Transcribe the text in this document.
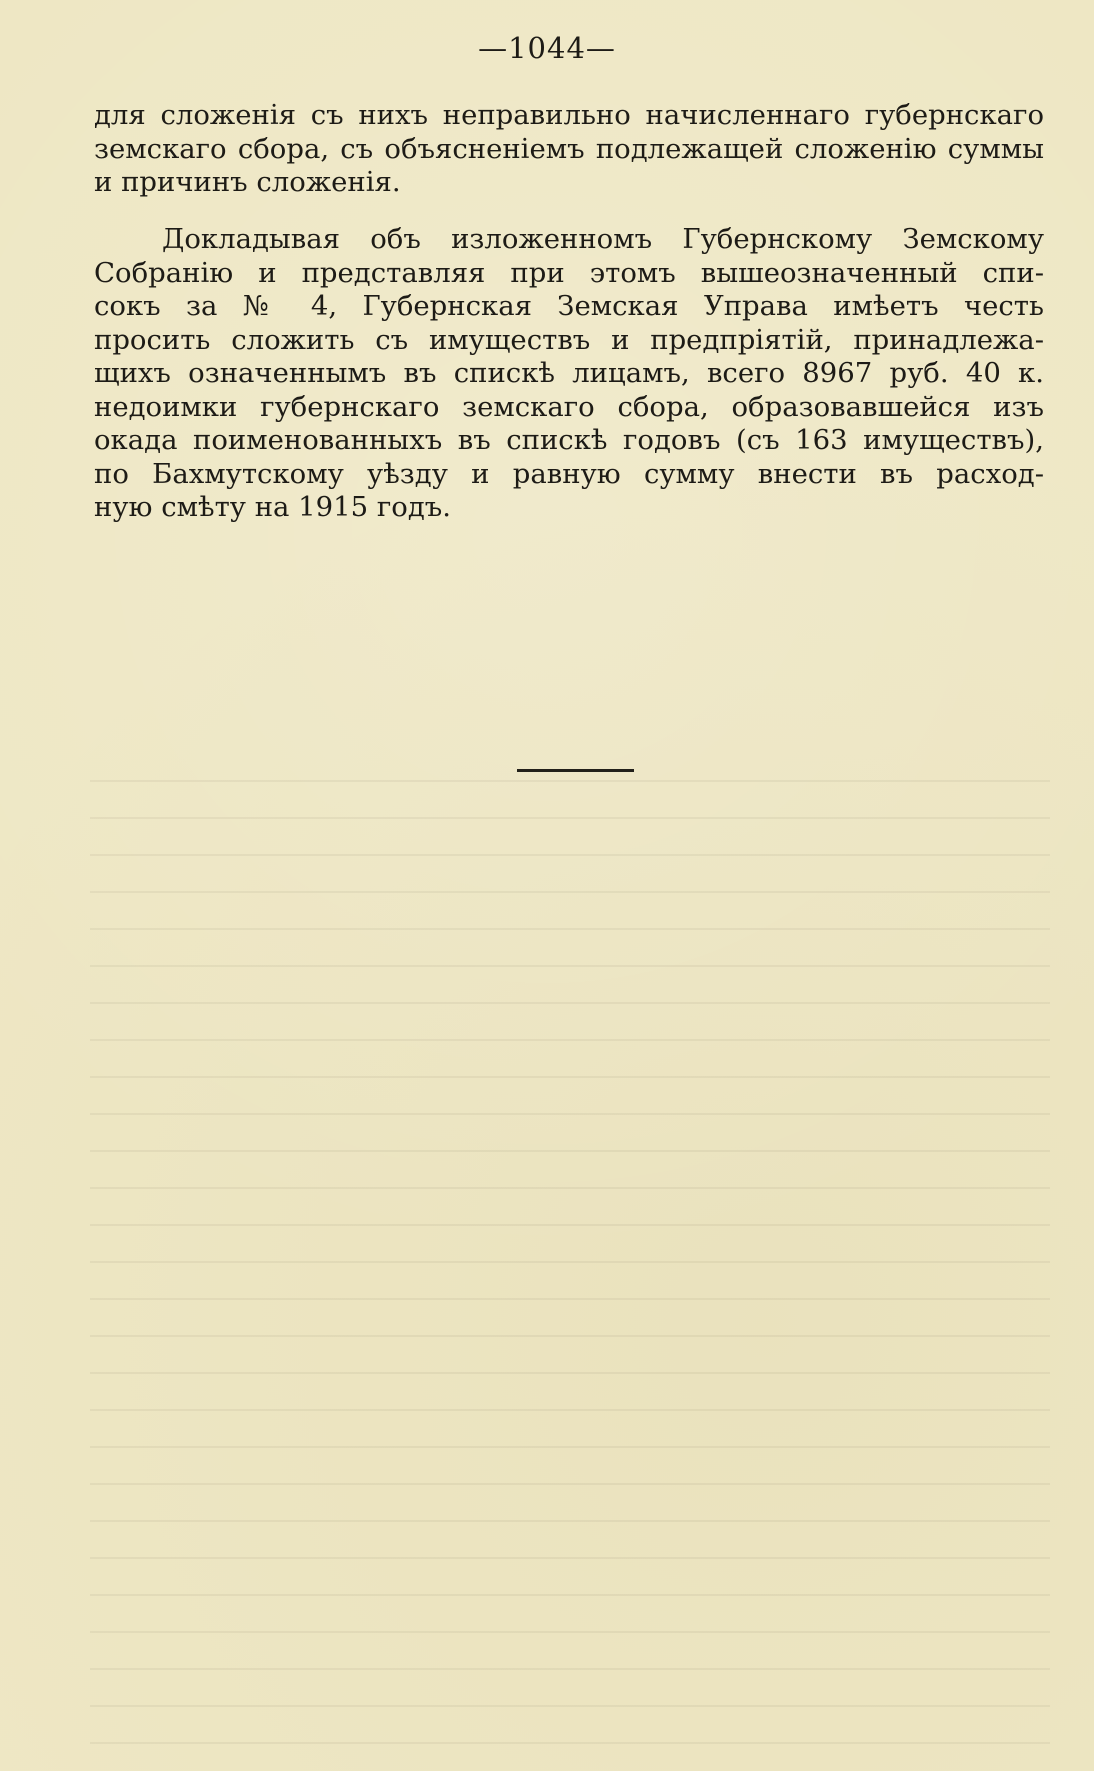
—1044—
для сложенія съ нихъ неправильно начисленнаго губернскаго
земскаго сбора, съ объясненіемъ подлежащей сложенію суммы
и причинъ сложенія.
Докладывая объ изложенномъ Губернскому Земскому
Собранію и представляя при этомъ вышеозначенный спи-
сокъ за № 4, Губернская Земская Управа имѣетъ честь
просить сложить съ имуществъ и предпріятій, принадлежа-
щихъ означеннымъ въ спискѣ лицамъ, всего 8967 руб. 40 к.
недоимки губернскаго земскаго сбора, образовавшейся изъ
окада поименованныхъ въ спискѣ годовъ (съ 163 имуществъ),
по Бахмутскому уѣзду и равную сумму внести въ расход-
ную смѣту на 1915 годъ.
